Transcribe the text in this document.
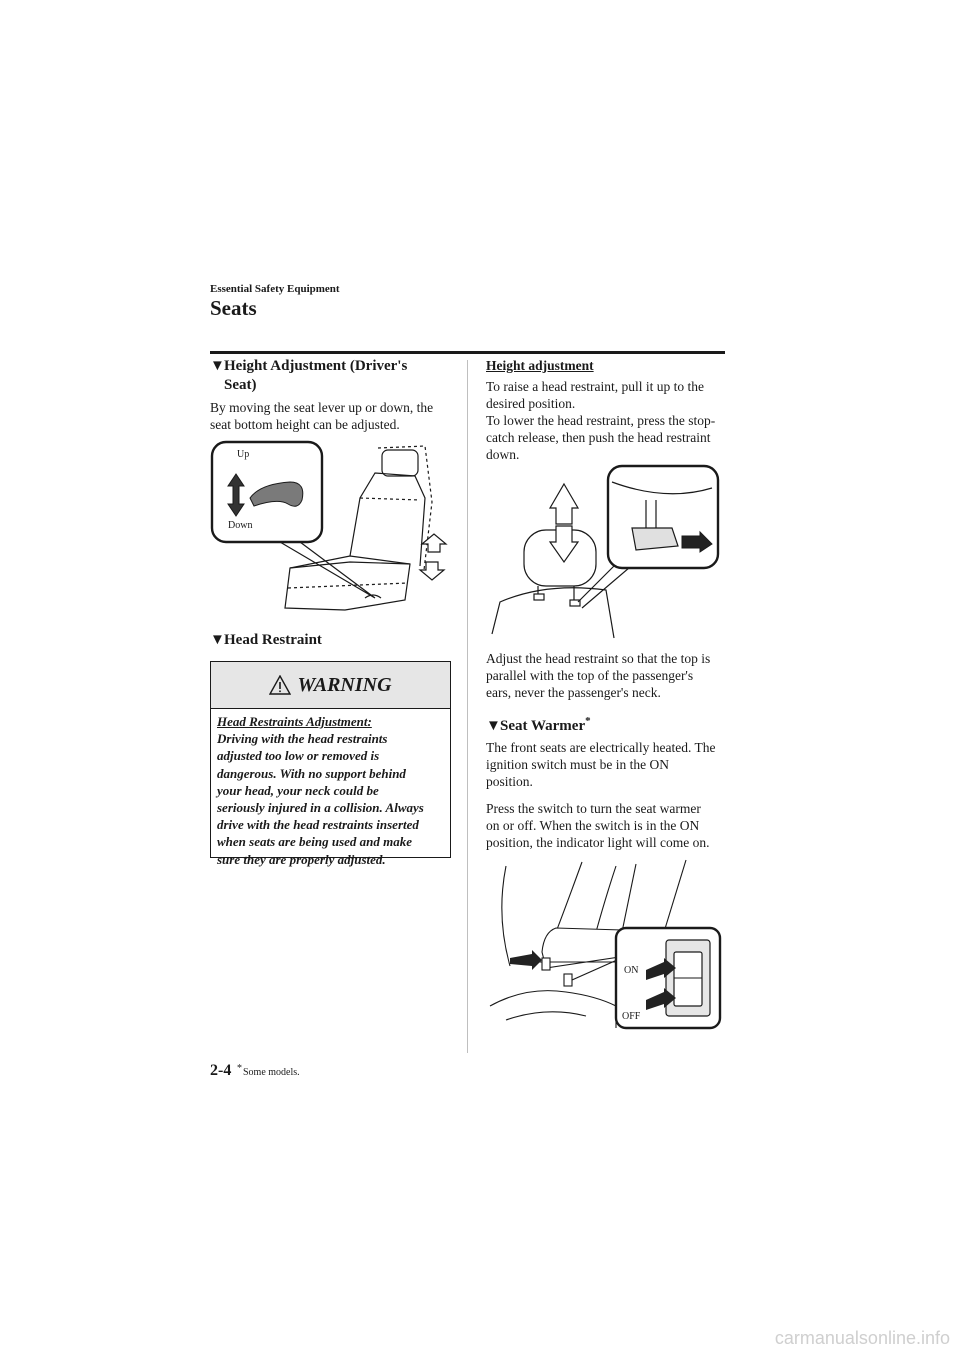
Essential Safety Equipment
Seats
▼Height Adjustment (Driver's
Seat)
By moving the seat lever up or down, the
seat bottom height can be adjusted.
Up
Down
▼Head Restraint
WARNING
Head Restraints Adjustment:
Driving with the head restraints
adjusted too low or removed is
dangerous. With no support behind
your head, your neck could be
seriously injured in a collision. Always
drive with the head restraints inserted
when seats are being used and make
sure they are properly adjusted.
Height adjustment
To raise a head restraint, pull it up to the
desired position.
To lower the head restraint, press the stop-
catch release, then push the head restraint
down.
Adjust the head restraint so that the top is
parallel with the top of the passenger's
ears, never the passenger's neck.
▼Seat Warmer*
The front seats are electrically heated. The
ignition switch must be in the ON
position.
Press the switch to turn the seat warmer
on or off. When the switch is in the ON
position, the indicator light will come on.
ON
OFF
2-4 * Some models.
carmanualsonline.info
